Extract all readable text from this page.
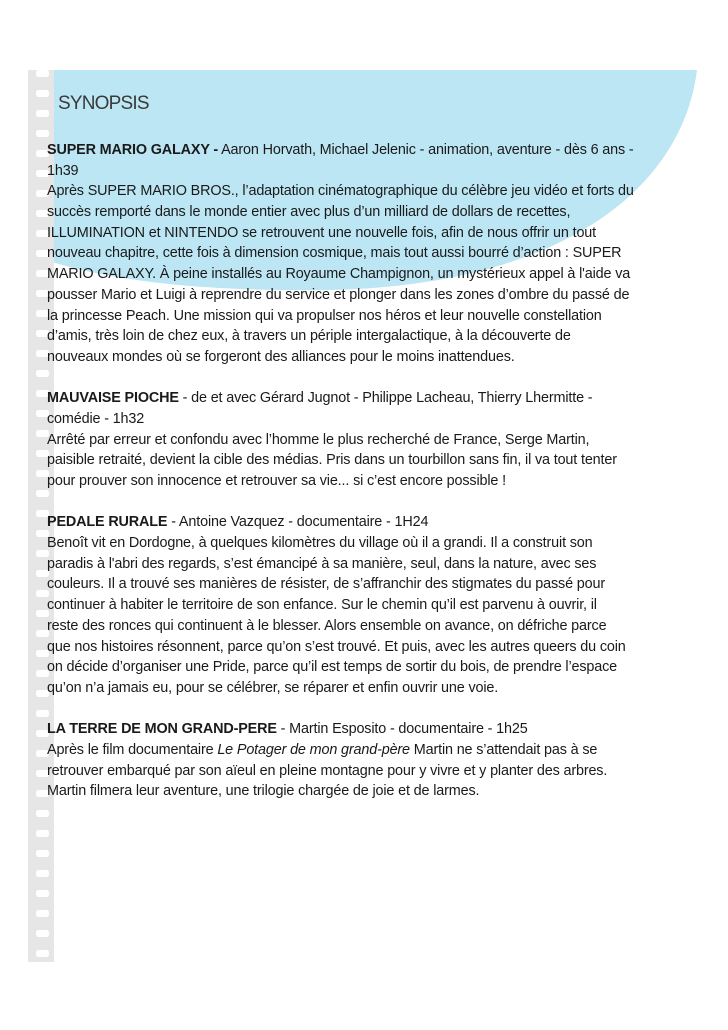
SYNOPSIS
SUPER MARIO GALAXY - Aaron Horvath, Michael Jelenic - animation, aventure - dès 6 ans -
1h39
Après SUPER MARIO BROS., l’adaptation cinématographique du célèbre jeu vidéo et forts du
succès remporté dans le monde entier avec plus d’un milliard de dollars de recettes,
ILLUMINATION et NINTENDO se retrouvent une nouvelle fois, afin de nous offrir un tout
nouveau chapitre, cette fois à dimension cosmique, mais tout aussi bourré d’action : SUPER
MARIO GALAXY. À peine installés au Royaume Champignon, un mystérieux appel à l'aide va
pousser Mario et Luigi à reprendre du service et plonger dans les zones d’ombre du passé de
la princesse Peach. Une mission qui va propulser nos héros et leur nouvelle constellation
d’amis, très loin de chez eux, à travers un périple intergalactique, à la découverte de
nouveaux mondes où se forgeront des alliances pour le moins inattendues.
MAUVAISE PIOCHE - de et avec Gérard Jugnot - Philippe Lacheau, Thierry Lhermitte -
comédie - 1h32
Arrêté par erreur et confondu avec l’homme le plus recherché de France, Serge Martin,
paisible retraité, devient la cible des médias. Pris dans un tourbillon sans fin, il va tout tenter
pour prouver son innocence et retrouver sa vie... si c’est encore possible !
PEDALE RURALE - Antoine Vazquez - documentaire - 1H24
Benoît vit en Dordogne, à quelques kilomètres du village où il a grandi. Il a construit son
paradis à l'abri des regards, s’est émancipé à sa manière, seul, dans la nature, avec ses
couleurs. Il a trouvé ses manières de résister, de s’affranchir des stigmates du passé pour
continuer à habiter le territoire de son enfance. Sur le chemin qu’il est parvenu à ouvrir, il
reste des ronces qui continuent à le blesser. Alors ensemble on avance, on défriche parce
que nos histoires résonnent, parce qu’on s’est trouvé. Et puis, avec les autres queers du coin
on décide d’organiser une Pride, parce qu’il est temps de sortir du bois, de prendre l’espace
qu’on n’a jamais eu, pour se célébrer, se réparer et enfin ouvrir une voie.
LA TERRE DE MON GRAND-PERE - Martin Esposito - documentaire - 1h25
Après le film documentaire Le Potager de mon grand-père Martin ne s’attendait pas à se
retrouver embarqué par son aïeul en pleine montagne pour y vivre et y planter des arbres.
Martin filmera leur aventure, une trilogie chargée de joie et de larmes.
